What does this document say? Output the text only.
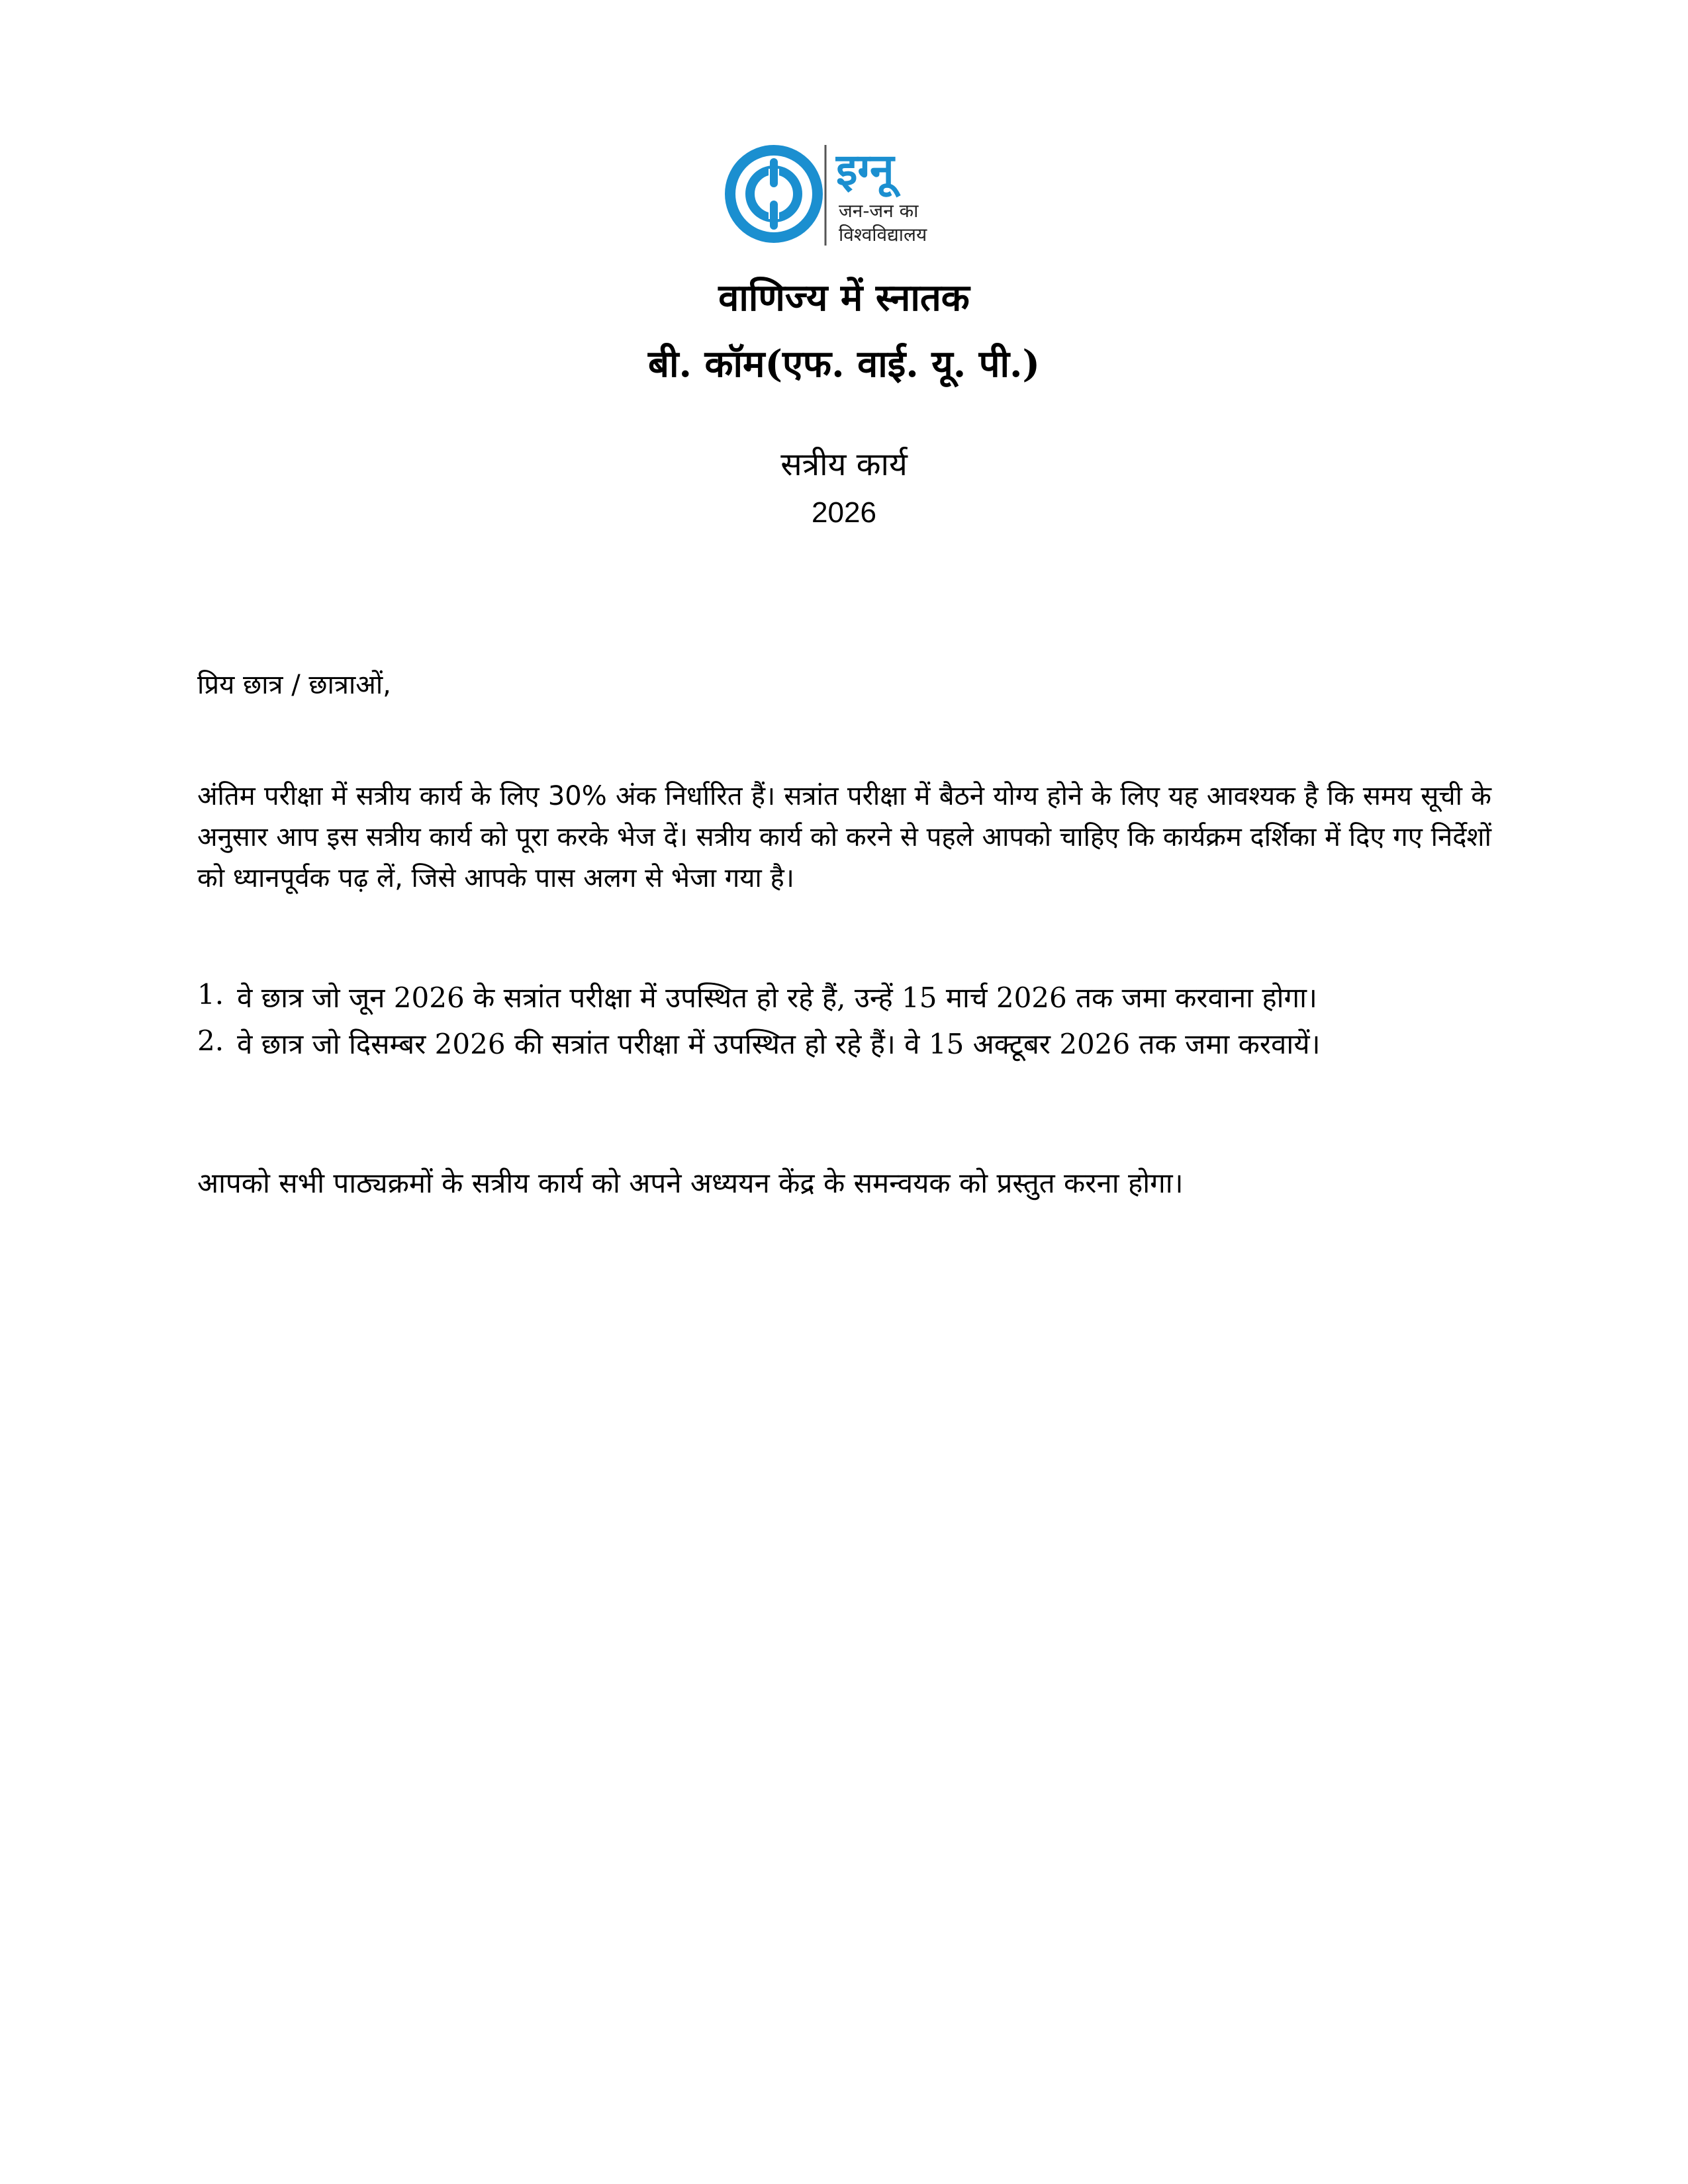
इग्नू
जन-जन का
विश्वविद्यालय
वाणिज्य में स्नातक
बी. कॉम(एफ. वाई. यू. पी.)
सत्रीय कार्य
2026
प्रिय छात्र / छात्राओं,
अंतिम परीक्षा में सत्रीय कार्य के लिए 30% अंक निर्धारित हैं। सत्रांत परीक्षा में बैठने योग्य होने के लिए यह आवश्यक है कि समय सूची के अनुसार आप इस सत्रीय कार्य को पूरा करके भेज दें। सत्रीय कार्य को करने से पहले आपको चाहिए कि कार्यक्रम दर्शिका में दिए गए निर्देशों को ध्यानपूर्वक पढ़ लें, जिसे आपके पास अलग से भेजा गया है।
1. वे छात्र जो जून 2026 के सत्रांत परीक्षा में उपस्थित हो रहे हैं, उन्हें 15 मार्च 2026 तक जमा करवाना होगा।
2. वे छात्र जो दिसम्बर 2026 की सत्रांत परीक्षा में उपस्थित हो रहे हैं। वे 15 अक्टूबर 2026 तक जमा करवायें।
आपको सभी पाठ्यक्रमों के सत्रीय कार्य को अपने अध्ययन केंद्र के समन्वयक को प्रस्तुत करना होगा।
